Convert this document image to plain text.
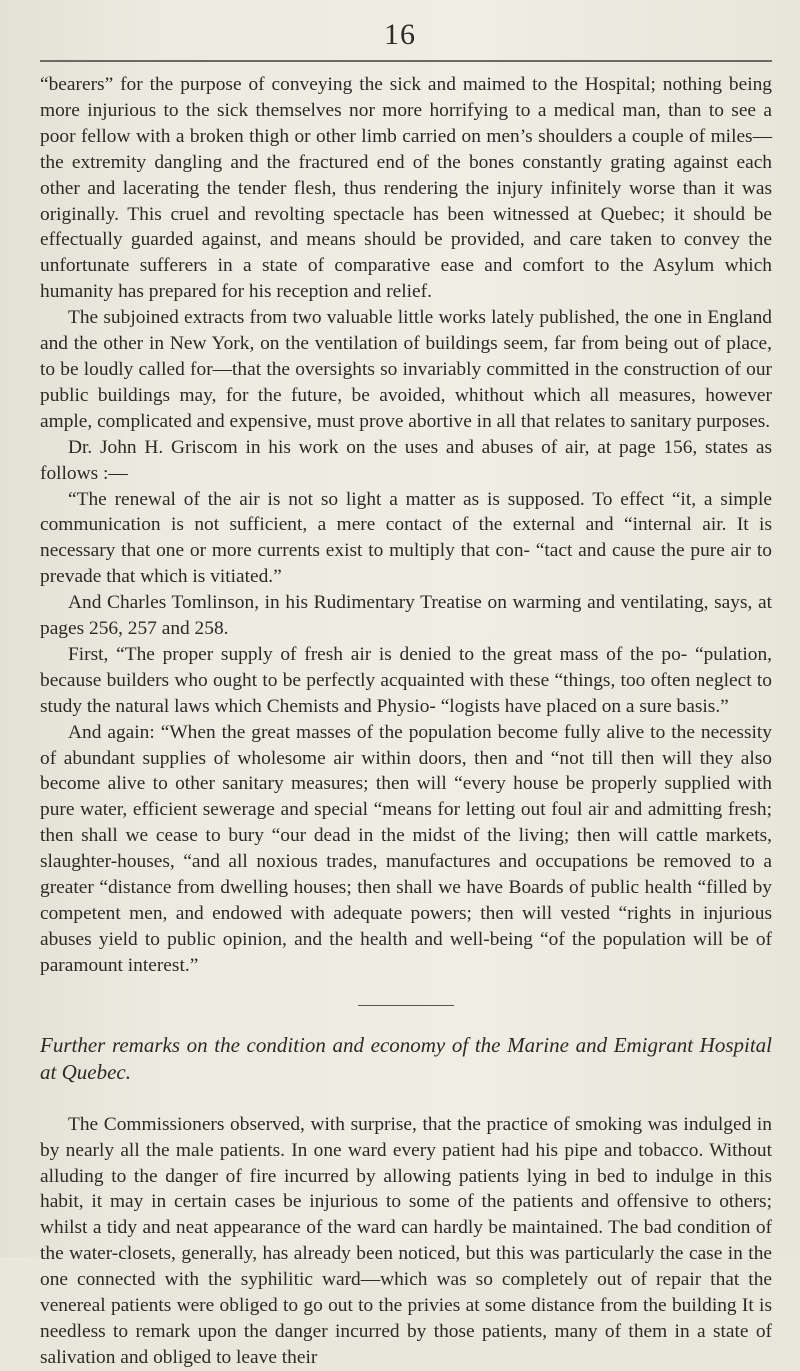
16

“bearers” for the purpose of conveying the sick and maimed to the Hospital; nothing being more injurious to the sick themselves nor more horrifying to a medical man, than to see a poor fellow with a broken thigh or other limb carried on men’s shoulders a couple of miles—the extremity dangling and the fractured end of the bones constantly grating against each other and lacerating the tender flesh, thus rendering the injury infinitely worse than it was originally. This cruel and revolting spectacle has been witnessed at Quebec; it should be effectually guarded against, and means should be provided, and care taken to convey the unfortunate sufferers in a state of comparative ease and comfort to the Asylum which humanity has prepared for his reception and relief.

The subjoined extracts from two valuable little works lately published, the one in England and the other in New York, on the ventilation of buildings seem, far from being out of place, to be loudly called for—that the oversights so invariably committed in the construction of our public buildings may, for the future, be avoided, whithout which all measures, however ample, complicated and expensive, must prove abortive in all that relates to sanitary purposes.

Dr. John H. Griscom in his work on the uses and abuses of air, at page 156, states as follows :—

“The renewal of the air is not so light a matter as is supposed. To effect “it, a simple communication is not sufficient, a mere contact of the external and “internal air. It is necessary that one or more currents exist to multiply that con- “tact and cause the pure air to prevade that which is vitiated.”

And Charles Tomlinson, in his Rudimentary Treatise on warming and ventilating, says, at pages 256, 257 and 258.

First, “The proper supply of fresh air is denied to the great mass of the po- “pulation, because builders who ought to be perfectly acquainted with these “things, too often neglect to study the natural laws which Chemists and Physio- “logists have placed on a sure basis.”

And again: “When the great masses of the population become fully alive to the necessity of abundant supplies of wholesome air within doors, then and “not till then will they also become alive to other sanitary measures; then will “every house be properly supplied with pure water, efficient sewerage and special “means for letting out foul air and admitting fresh; then shall we cease to bury “our dead in the midst of the living; then will cattle markets, slaughter-houses, “and all noxious trades, manufactures and occupations be removed to a greater “distance from dwelling houses; then shall we have Boards of public health “filled by competent men, and endowed with adequate powers; then will vested “rights in injurious abuses yield to public opinion, and the health and well-being “of the population will be of paramount interest.”

Further remarks on the condition and economy of the Marine and Emigrant Hospital at Quebec.

The Commissioners observed, with surprise, that the practice of smoking was indulged in by nearly all the male patients. In one ward every patient had his pipe and tobacco. Without alluding to the danger of fire incurred by allowing patients lying in bed to indulge in this habit, it may in certain cases be injurious to some of the patients and offensive to others; whilst a tidy and neat appearance of the ward can hardly be maintained. The bad condition of the water-closets, generally, has already been noticed, but this was particularly the case in the one connected with the syphilitic ward—which was so completely out of repair that the venereal patients were obliged to go out to the privies at some distance from the building It is needless to remark upon the danger incurred by those patients, many of them in a state of salivation and obliged to leave their
